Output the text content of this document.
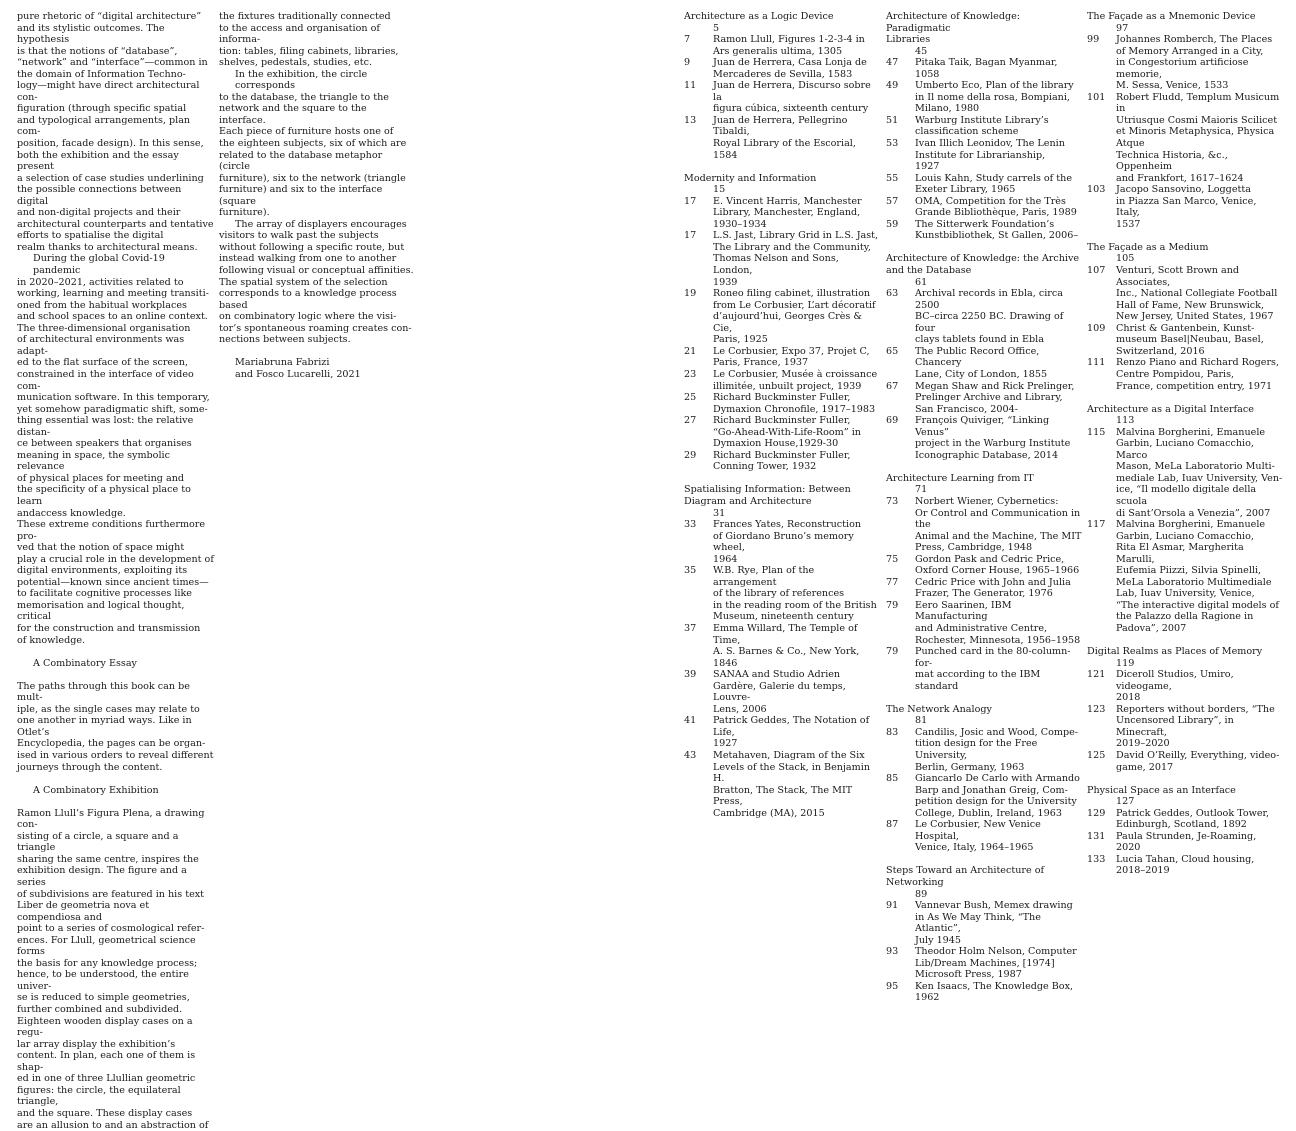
pure rhetoric of “digital architecture”
and its stylistic outcomes. The hypothesis
is that the notions of “database”,
“network” and “interface”—common in
the domain of Information Techno-
logy—might have direct architectural con-
figuration (through specific spatial
and typological arrangements, plan com-
position, facade design). In this sense,
both the exhibition and the essay present
a selection of case studies underlining
the possible connections between digital
and non-digital projects and their
architectural counterparts and tentative
efforts to spatialise the digital
realm thanks to architectural means.
During the global Covid-19 pandemic
in 2020–2021, activities related to
working, learning and meeting transiti-
oned from the habitual workplaces
and school spaces to an online context.
The three-dimensional organisation
of architectural environments was adapt-
ed to the flat surface of the screen,
constrained in the interface of video com-
munication software. In this temporary,
yet somehow paradigmatic shift, some-
thing essential was lost: the relative distan-
ce between speakers that organises
meaning in space, the symbolic relevance
of physical places for meeting and
the specificity of a physical place to learn
andaccess knowledge.
These extreme conditions furthermore pro-
ved that the notion of space might
play a crucial role in the development of
digital environments, exploiting its
potential—known since ancient times—
to facilitate cognitive processes like
memorisation and logical thought, critical
for the construction and transmission
of knowledge.
A Combinatory Essay
The paths through this book can be mult-
iple, as the single cases may relate to
one another in myriad ways. Like in Otlet’s
Encyclopedia, the pages can be organ-
ised in various orders to reveal different
journeys through the content.
A Combinatory Exhibition
Ramon Llull’s Figura Plena, a drawing con-
sisting of a circle, a square and a triangle
sharing the same centre, inspires the
exhibition design. The figure and a series
of subdivisions are featured in his text
Liber de geometria nova et compendiosa and
point to a series of cosmological refer-
ences. For Llull, geometrical science forms
the basis for any knowledge process;
hence, to be understood, the entire univer-
se is reduced to simple geometries,
further combined and subdivided.
Eighteen wooden display cases on a regu-
lar array display the exhibition’s
content. In plan, each one of them is shap-
ed in one of three Llullian geometric
figures: the circle, the equilateral triangle,
and the square. These display cases
are an allusion to and an abstraction of
the fixtures traditionally connected
to the access and organisation of informa-
tion: tables, filing cabinets, libraries,
shelves, pedestals, studies, etc.
In the exhibition, the circle corresponds
to the database, the triangle to the
network and the square to the interface.
Each piece of furniture hosts one of
the eighteen subjects, six of which are
related to the database metaphor (circle
furniture), six to the network (triangle
furniture) and six to the interface (square
furniture).
The array of displayers encourages
visitors to walk past the subjects
without following a specific route, but
instead walking from one to another
following visual or conceptual affinities.
The spatial system of the selection
corresponds to a knowledge process based
on combinatory logic where the visi-
tor’s spontaneous roaming creates con-
nections between subjects.
Mariabruna Fabrizi
and Fosco Lucarelli, 2021
Architecture as a Logic Device
5
7	Ramon Llull, Figures 1-2-3-4 in
Ars generalis ultima, 1305
9	Juan de Herrera, Casa Lonja de
Mercaderes de Sevilla, 1583
11	Juan de Herrera, Discurso sobre la
figura cúbica, sixteenth century
13	Juan de Herrera, Pellegrino Tibaldi,
Royal Library of the Escorial,
1584
Modernity and Information
15
17	E. Vincent Harris, Manchester
Library, Manchester, England,
1930–1934
17	L.S. Jast, Library Grid in L.S. Jast,
The Library and the Community,
Thomas Nelson and Sons, London,
1939
19	Roneo filing cabinet, illustration
from Le Corbusier, L’art décoratif
d’aujourd’hui, Georges Crès & Cie,
Paris, 1925
21	Le Corbusier, Expo 37, Projet C,
Paris, France, 1937
23	Le Corbusier, Musée à croissance
illimitée, unbuilt project, 1939
25	Richard Buckminster Fuller,
Dymaxion Chronofile, 1917–1983
27	Richard Buckminster Fuller,
“Go-Ahead-With-Life-Room” in
Dymaxion House,1929-30
29	Richard Buckminster Fuller,
Conning Tower, 1932
Spatialising Information: Between
Diagram and Architecture
31
33	Frances Yates, Reconstruction
of Giordano Bruno’s memory wheel,
1964
35	W.B. Rye, Plan of the arrangement
of the library of references
in the reading room of the British
Museum, nineteenth century
37	Emma Willard, The Temple of Time,
A. S. Barnes & Co., New York, 1846
39	SANAA and Studio Adrien
Gardère, Galerie du temps, Louvre-
Lens, 2006
41	Patrick Geddes, The Notation of Life,
1927
43	Metahaven, Diagram of the Six
Levels of the Stack, in Benjamin H.
Bratton, The Stack, The MIT Press,
Cambridge (MA), 2015
Architecture of Knowledge: Paradigmatic
Libraries
45
47	Pitaka Taik, Bagan Myanmar, 1058
49	Umberto Eco, Plan of the library
in Il nome della rosa, Bompiani,
Milano, 1980
51	Warburg Institute Library’s
classification scheme
53	Ivan Illich Leonidov, The Lenin
Institute for Librarianship,
1927
55	Louis Kahn, Study carrels of the
Exeter Library, 1965
57	OMA, Competition for the Très
Grande Bibliothèque, Paris, 1989
59	The Sitterwerk Foundation’s
Kunstbibliothek, St Gallen, 2006–
Architecture of Knowledge: the Archive
and the Database
61
63	Archival records in Ebla, circa 2500
BC–circa 2250 BC. Drawing of four
clays tablets found in Ebla
65	The Public Record Office, Chancery
Lane, City of London, 1855
67	Megan Shaw and Rick Prelinger,
Prelinger Archive and Library,
San Francisco, 2004-
69	François Quiviger, “Linking Venus”
project in the Warburg Institute
Iconographic Database, 2014
Architecture Learning from IT
71
73	Norbert Wiener, Cybernetics:
Or Control and Communication in the
Animal and the Machine, The MIT
Press, Cambridge, 1948
75	Gordon Pask and Cedric Price,
Oxford Corner House, 1965–1966
77	Cedric Price with John and Julia
Frazer, The Generator, 1976
79	Eero Saarinen, IBM Manufacturing
and Administrative Centre,
Rochester, Minnesota, 1956–1958
79	Punched card in the 80-column-for-
mat according to the IBM standard
The Network Analogy
81
83	Candilis, Josic and Wood, Compe-
tition design for the Free University,
Berlin, Germany, 1963
85	Giancarlo De Carlo with Armando
Barp and Jonathan Greig, Com-
petition design for the University
College, Dublin, Ireland, 1963
87	Le Corbusier, New Venice Hospital,
Venice, Italy, 1964–1965
Steps Toward an Architecture of
Networking
89
91	Vannevar Bush, Memex drawing
in As We May Think, “The Atlantic”,
July 1945
93	Theodor Holm Nelson, Computer
Lib/Dream Machines, [1974]
Microsoft Press, 1987
95	Ken Isaacs, The Knowledge Box,
1962
The Façade as a Mnemonic Device
97
99	Johannes Romberch, The Places
of Memory Arranged in a City,
in Congestorium artificiose memorie,
M. Sessa, Venice, 1533
101	Robert Fludd, Templum Musicum in
Utriusque Cosmi Maioris Scilicet
et Minoris Metaphysica, Physica Atque
Technica Historia, &c., Oppenheim
and Frankfort, 1617–1624
103	Jacopo Sansovino, Loggetta
in Piazza San Marco, Venice, Italy,
1537
The Façade as a Medium
105
107	Venturi, Scott Brown and Associates,
Inc., National Collegiate Football
Hall of Fame, New Brunswick,
New Jersey, United States, 1967
109	Christ & Gantenbein, Kunst-
museum Basel|Neubau, Basel,
Switzerland, 2016
111	Renzo Piano and Richard Rogers,
Centre Pompidou, Paris,
France, competition entry, 1971
Architecture as a Digital Interface
113
115	Malvina Borgherini, Emanuele
Garbin, Luciano Comacchio, Marco
Mason, MeLa Laboratorio Multi-
mediale Lab, Iuav University, Ven-
ice, “Il modello digitale della scuola
di Sant’Orsola a Venezia”, 2007
117	Malvina Borgherini, Emanuele
Garbin, Luciano Comacchio,
Rita El Asmar, Margherita Marulli,
Eufemia Piizzi, Silvia Spinelli,
MeLa Laboratorio Multimediale
Lab, Iuav University, Venice,
“The interactive digital models of
the Palazzo della Ragione in
Padova”, 2007
Digital Realms as Places of Memory
119
121	Diceroll Studios, Umiro, videogame,
2018
123	Reporters without borders, “The
Uncensored Library”, in Minecraft,
2019–2020
125	David O’Reilly, Everything, video-
game, 2017
Physical Space as an Interface
127
129	Patrick Geddes, Outlook Tower,
Edinburgh, Scotland, 1892
131	Paula Strunden, Je-Roaming, 2020
133	Lucia Tahan, Cloud housing,
2018–2019
